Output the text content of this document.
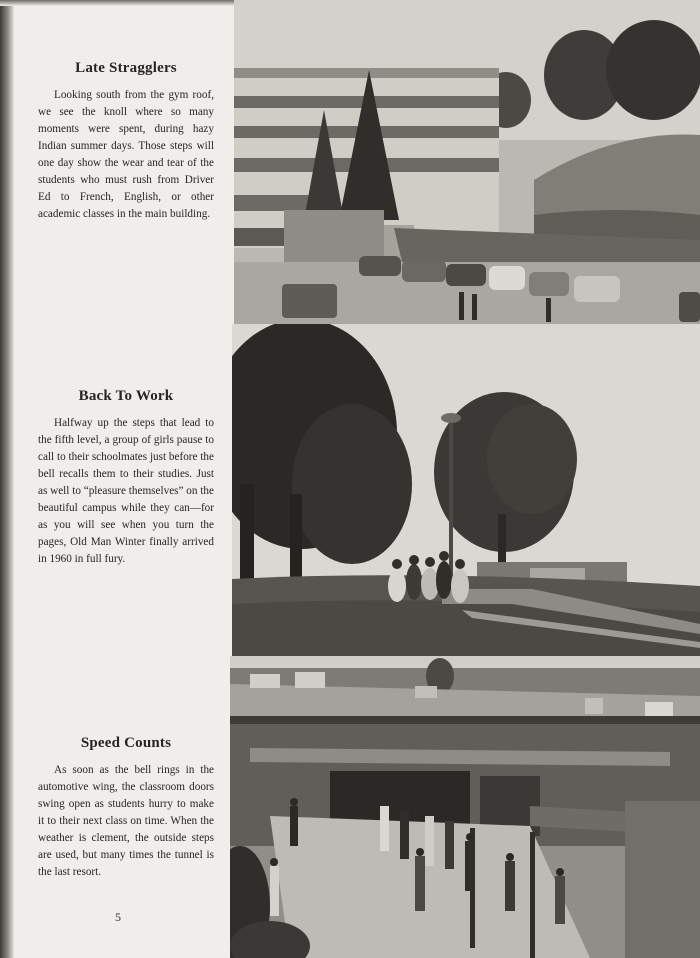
Late Stragglers

Looking south from the gym roof, we see the knoll where so many moments were spent, during hazy Indian summer days. Those steps will one day show the wear and tear of the students who must rush from Driver Ed to French, English, or other academic classes in the main building.

Back To Work

Halfway up the steps that lead to the fifth level, a group of girls pause to call to their schoolmates just before the bell recalls them to their studies. Just as well to “pleasure themselves” on the beautiful campus while they can—for as you will see when you turn the pages, Old Man Winter finally arrived in 1960 in full fury.

Speed Counts

As soon as the bell rings in the automotive wing, the classroom doors swing open as students hurry to make it to their next class on time. When the weather is clement, the outside steps are used, but many times the tunnel is the last resort.

5
